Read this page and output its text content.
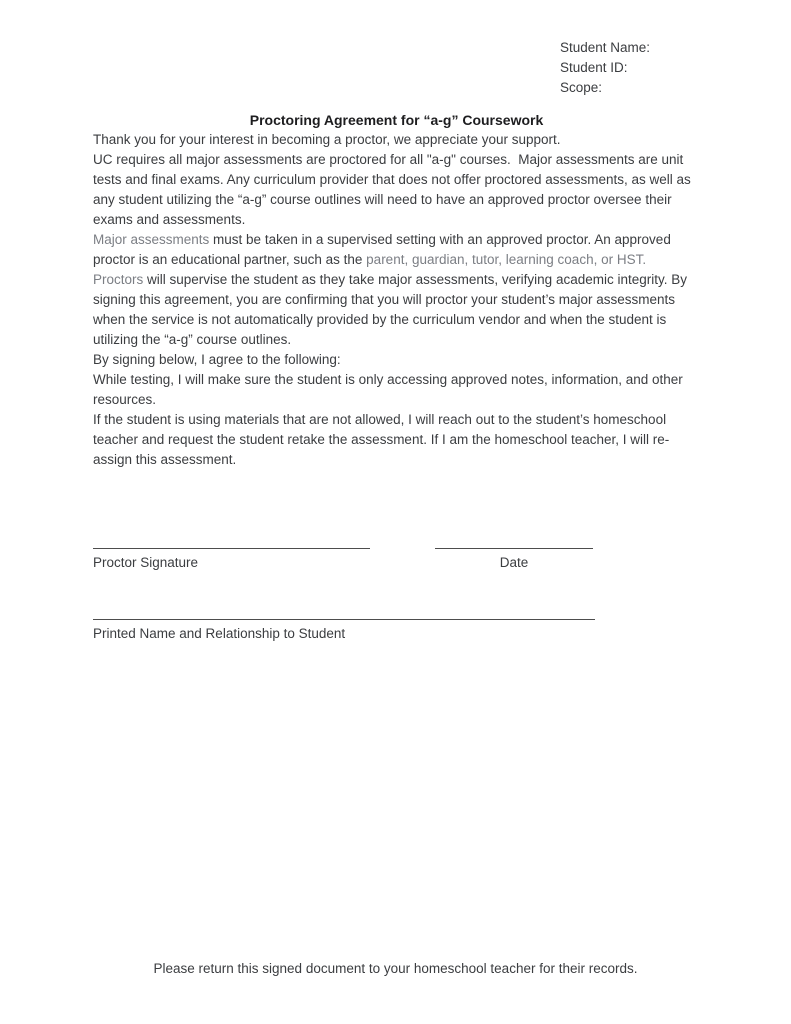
Student Name:
Student ID:
Scope:
Proctoring Agreement for “a-g” Coursework

Thank you for your interest in becoming a proctor, we appreciate your support.

UC requires all major assessments are proctored for all "a-g" courses.  Major assessments are unit tests and final exams. Any curriculum provider that does not offer proctored assessments, as well as any student utilizing the “a-g” course outlines will need to have an approved proctor oversee their exams and assessments.

Major assessments must be taken in a supervised setting with an approved proctor. An approved proctor is an educational partner, such as the parent, guardian, tutor, learning coach, or HST. Proctors will supervise the student as they take major assessments, verifying academic integrity. By signing this agreement, you are confirming that you will proctor your student’s major assessments when the service is not automatically provided by the curriculum vendor and when the student is utilizing the “a-g” course outlines.

By signing below, I agree to the following:

While testing, I will make sure the student is only accessing approved notes, information, and other resources.

If the student is using materials that are not allowed, I will reach out to the student’s homeschool teacher and request the student retake the assessment. If I am the homeschool teacher, I will re-assign this assessment.

Proctor Signature	Date
Printed Name and Relationship to Student
Please return this signed document to your homeschool teacher for their records.
